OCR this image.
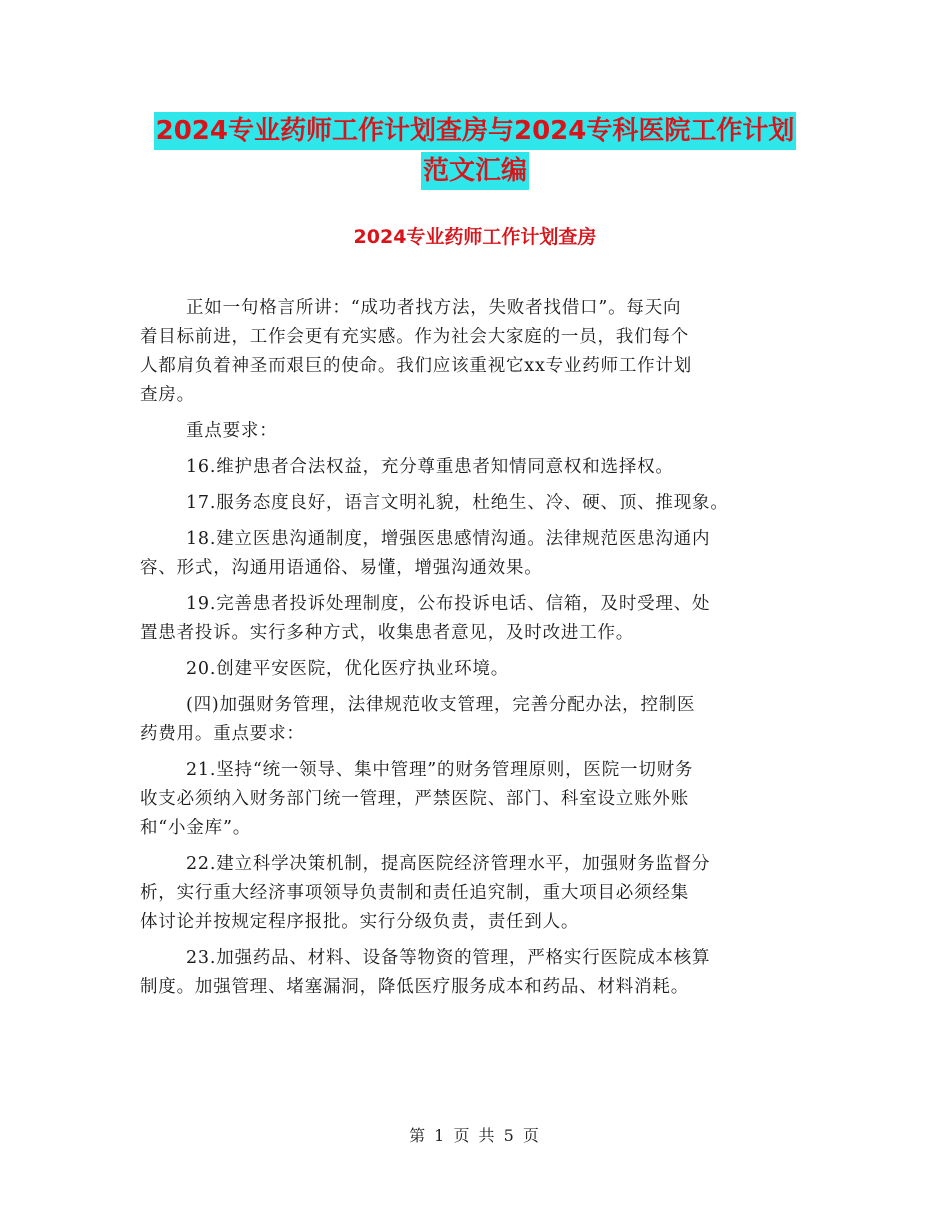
2024专业药师工作计划查房与2024专科医院工作计划
范文汇编
2024专业药师工作计划查房
正如一句格言所讲：“成功者找方法，失败者找借口”。每天向
着目标前进，工作会更有充实感。作为社会大家庭的一员，我们每个
人都肩负着神圣而艰巨的使命。我们应该重视它xx专业药师工作计划
查房。
重点要求：
16.维护患者合法权益，充分尊重患者知情同意权和选择权。
17.服务态度良好，语言文明礼貌，杜绝生、冷、硬、顶、推现象。
18.建立医患沟通制度，增强医患感情沟通。法律规范医患沟通内
容、形式，沟通用语通俗、易懂，增强沟通效果。
19.完善患者投诉处理制度，公布投诉电话、信箱，及时受理、处
置患者投诉。实行多种方式，收集患者意见，及时改进工作。
20.创建平安医院，优化医疗执业环境。
(四)加强财务管理，法律规范收支管理，完善分配办法，控制医
药费用。重点要求：
21.坚持“统一领导、集中管理”的财务管理原则，医院一切财务
收支必须纳入财务部门统一管理，严禁医院、部门、科室设立账外账
和“小金库”。
22.建立科学决策机制，提高医院经济管理水平，加强财务监督分
析，实行重大经济事项领导负责制和责任追究制，重大项目必须经集
体讨论并按规定程序报批。实行分级负责，责任到人。
23.加强药品、材料、设备等物资的管理，严格实行医院成本核算
制度。加强管理、堵塞漏洞，降低医疗服务成本和药品、材料消耗。
第 1 页 共 5 页
